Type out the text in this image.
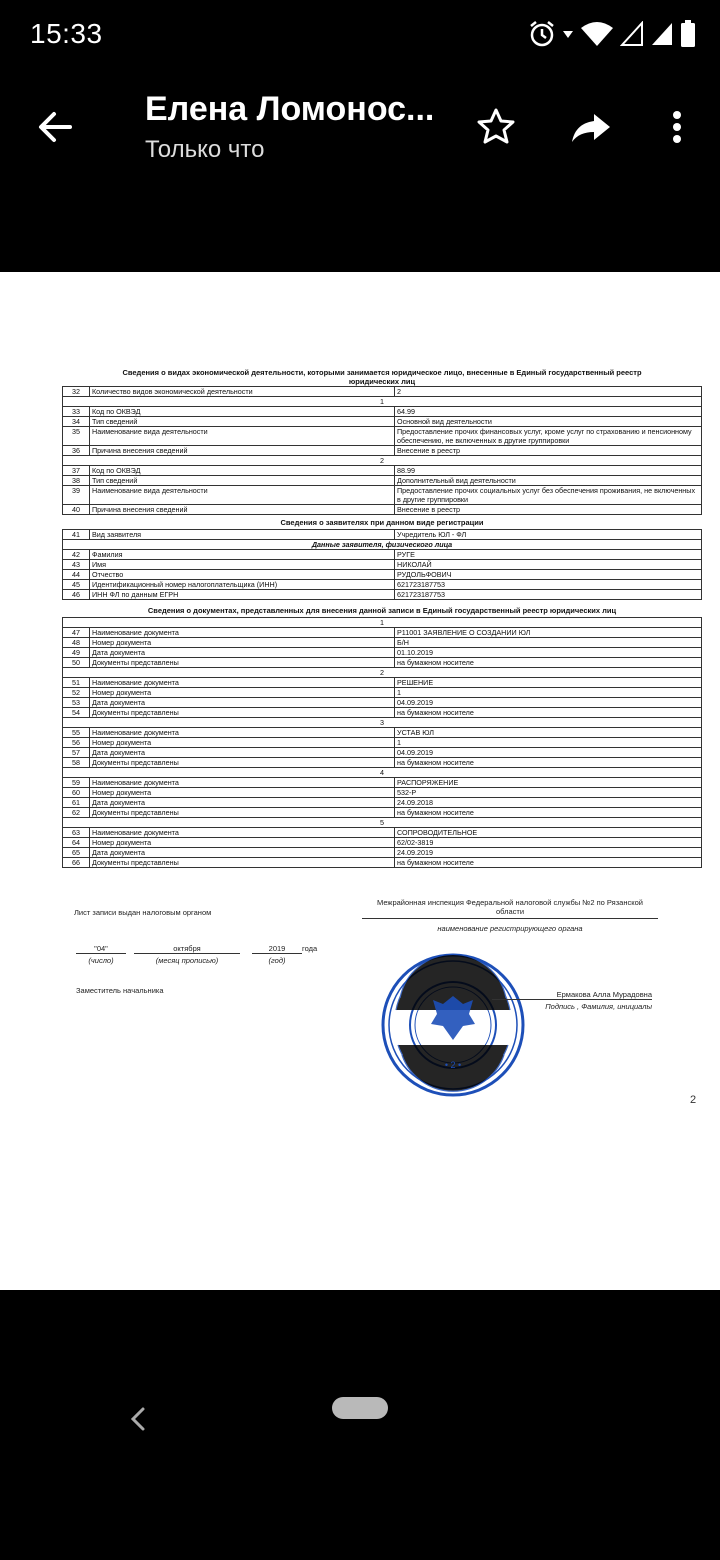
15:33
Елена Ломонос...
Только что
Сведения о видах экономической деятельности, которыми занимается юридическое лицо, внесенные в Единый государственный реестр юридических лиц
32	Количество видов экономической деятельности	2
1		
33	Код по ОКВЭД	64.99
34	Тип сведений	Основной вид деятельности
35	Наименование вида деятельности	Предоставление прочих финансовых услуг, кроме услуг по страхованию и пенсионному обеспечению, не включенных в другие группировки
36	Причина внесения сведений	Внесение в реестр
2		
37	Код по ОКВЭД	88.99
38	Тип сведений	Дополнительный вид деятельности
39	Наименование вида деятельности	Предоставление прочих социальных услуг без обеспечения проживания, не включенных в другие группировки
40	Причина внесения сведений	Внесение в реестр
Сведения о заявителях при данном виде регистрации
41	Вид заявителя	Учредитель ЮЛ - ФЛ
Данные заявителя, физического лица		
42	Фамилия	РУГЕ
43	Имя	НИКОЛАЙ
44	Отчество	РУДОЛЬФОВИЧ
45	Идентификационный номер налогоплательщика (ИНН)	621723187753
46	ИНН ФЛ по данным ЕГРН	621723187753
Сведения о документах, представленных для внесения данной записи в Единый государственный реестр юридических лиц
1		
47	Наименование документа	Р11001 ЗАЯВЛЕНИЕ О СОЗДАНИИ ЮЛ
48	Номер документа	Б/Н
49	Дата документа	01.10.2019
50	Документы представлены	на бумажном носителе
2		
51	Наименование документа	РЕШЕНИЕ
52	Номер документа	1
53	Дата документа	04.09.2019
54	Документы представлены	на бумажном носителе
3		
55	Наименование документа	УСТАВ ЮЛ
56	Номер документа	1
57	Дата документа	04.09.2019
58	Документы представлены	на бумажном носителе
4		
59	Наименование документа	РАСПОРЯЖЕНИЕ
60	Номер документа	532-Р
61	Дата документа	24.09.2018
62	Документы представлены	на бумажном носителе
5		
63	Наименование документа	СОПРОВОДИТЕЛЬНОЕ
64	Номер документа	62/02-3819
65	Дата документа	24.09.2019
66	Документы представлены	на бумажном носителе
Лист записи выдан налоговым органом
Межрайонная инспекция Федеральной налоговой службы №2 по Рязанской области
наименование регистрирующего органа
"04"	октября	2019	года
(число)	(месяц прописью)	(год)
Заместитель начальника
• 2 •
Ермакова Алла Мурадовна
Подпись , Фамилия, инициалы
2
